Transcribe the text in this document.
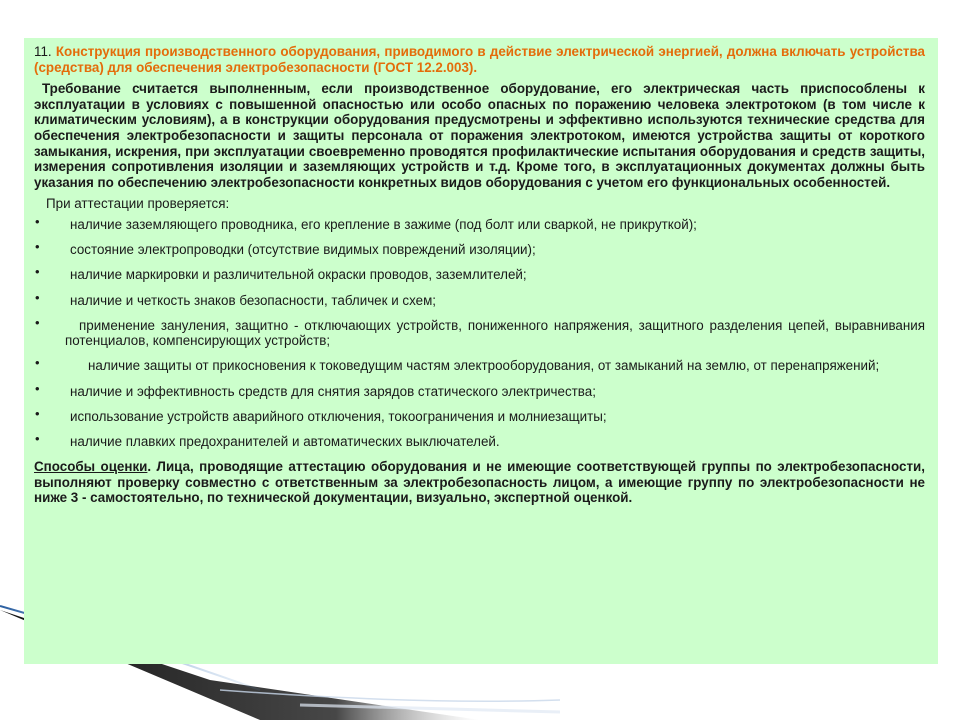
11. Конструкция производственного оборудования, приводимого в действие электрической энергией, должна включать устройства (средства) для обеспечения электробезопасности (ГОСТ 12.2.003).

Требование считается выполненным, если производственное оборудование, его электрическая часть приспособлены к эксплуатации в условиях с повышенной опасностью или особо опасных по поражению человека электротоком (в том числе к климатическим условиям), а в конструкции оборудования предусмотрены и эффективно используются технические средства для обеспечения электробезопасности и защиты персонала от поражения электротоком, имеются устройства защиты от короткого замыкания, искрения, при эксплуатации своевременно проводятся профилактические испытания оборудования и средств защиты, измерения сопротивления изоляции и заземляющих устройств и т.д. Кроме того, в эксплуатационных документах должны быть указания по обеспечению электробезопасности конкретных видов оборудования с учетом его функциональных особенностей.

При аттестации проверяется:

• наличие заземляющего проводника, его крепление в зажиме (под болт или сваркой, не прикруткой);
• состояние электропроводки (отсутствие видимых повреждений изоляции);
• наличие маркировки и различительной окраски проводов, заземлителей;
• наличие и четкость знаков безопасности, табличек и схем;
•	применение зануления, защитно - отключающих устройств, пониженного напряжения, защитного разделения цепей, выравнивания потенциалов, компенсирующих устройств;
•	наличие защиты от прикосновения к токоведущим частям электрооборудования, от замыканий на землю, от перенапряжений;
• наличие и эффективность средств для снятия зарядов статического электричества;
• использование устройств аварийного отключения, токоограничения и молниезащиты;
• наличие плавких предохранителей и автоматических выключателей.

Способы оценки. Лица, проводящие аттестацию оборудования и не имеющие соответствующей группы по электробезопасности, выполняют проверку совместно с ответственным за электробезопасность лицом, а имеющие группу по электробезопасности не ниже 3 - самостоятельно, по технической документации, визуально, экспертной оценкой.
